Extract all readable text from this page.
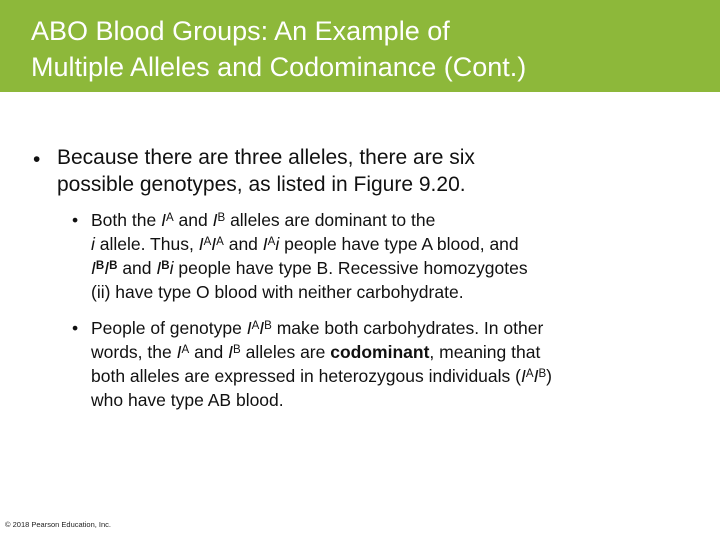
ABO Blood Groups: An Example of
Multiple Alleles and Codominance (Cont.)
• Because there are three alleles, there are six
possible genotypes, as listed in Figure 9.20.
• Both the $I^A$ and $I^B$ alleles are dominant to the
i allele. Thus, $I^AI^A$ and $I^Ai$ people have type A blood, and
$I^BI^B$ and $I^Bi$ people have type B. Recessive homozygotes
(ii) have type O blood with neither carbohydrate.
• People of genotype $I^AI^B$ make both carbohydrates. In other
words, the $I^A$ and $I^B$ alleles are codominant, meaning that
both alleles are expressed in heterozygous individuals $(I^AI^B)$
who have type AB blood.
© 2018 Pearson Education, Inc.
